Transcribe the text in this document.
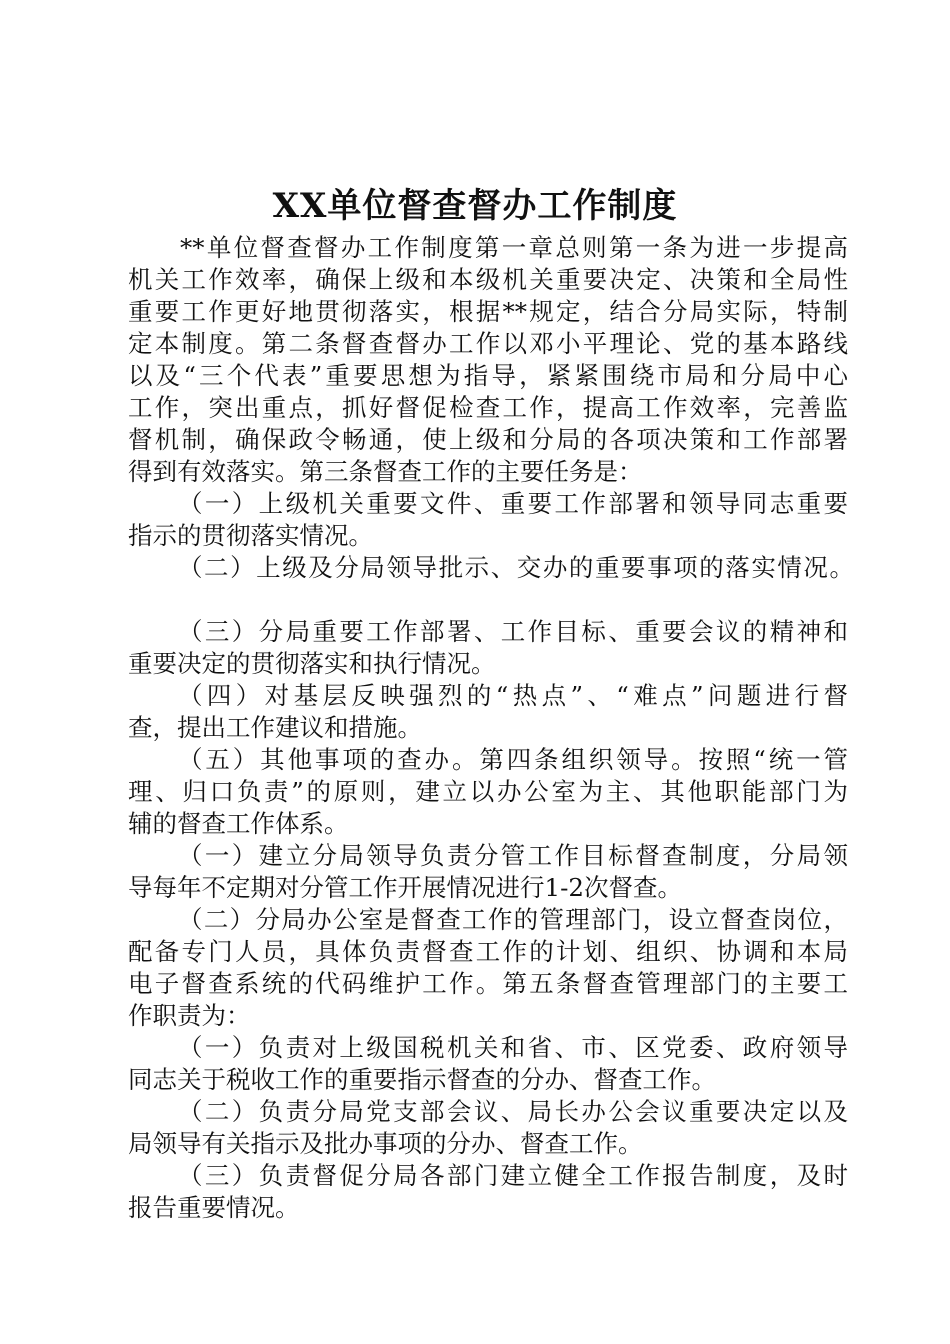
XX单位督查督办工作制度
**单位督查督办工作制度第一章总则第一条为进一步提高
机关工作效率，确保上级和本级机关重要决定、决策和全局性
重要工作更好地贯彻落实，根据**规定，结合分局实际，特制
定本制度。第二条督查督办工作以邓小平理论、党的基本路线
以及“三个代表”重要思想为指导，紧紧围绕市局和分局中心
工作，突出重点，抓好督促检查工作，提高工作效率，完善监
督机制，确保政令畅通，使上级和分局的各项决策和工作部署
得到有效落实。第三条督查工作的主要任务是：
（一）上级机关重要文件、重要工作部署和领导同志重要
指示的贯彻落实情况。
（二）上级及分局领导批示、交办的重要事项的落实情况。
（三）分局重要工作部署、工作目标、重要会议的精神和
重要决定的贯彻落实和执行情况。
（四）对基层反映强烈的“热点”、“难点”问题进行督
查，提出工作建议和措施。
（五）其他事项的查办。第四条组织领导。按照“统一管
理、归口负责”的原则，建立以办公室为主、其他职能部门为
辅的督查工作体系。
（一）建立分局领导负责分管工作目标督查制度，分局领
导每年不定期对分管工作开展情况进行1-2次督查。
（二）分局办公室是督查工作的管理部门，设立督查岗位，
配备专门人员，具体负责督查工作的计划、组织、协调和本局
电子督查系统的代码维护工作。第五条督查管理部门的主要工
作职责为：
（一）负责对上级国税机关和省、市、区党委、政府领导
同志关于税收工作的重要指示督查的分办、督查工作。
（二）负责分局党支部会议、局长办公会议重要决定以及
局领导有关指示及批办事项的分办、督查工作。
（三）负责督促分局各部门建立健全工作报告制度，及时
报告重要情况。
